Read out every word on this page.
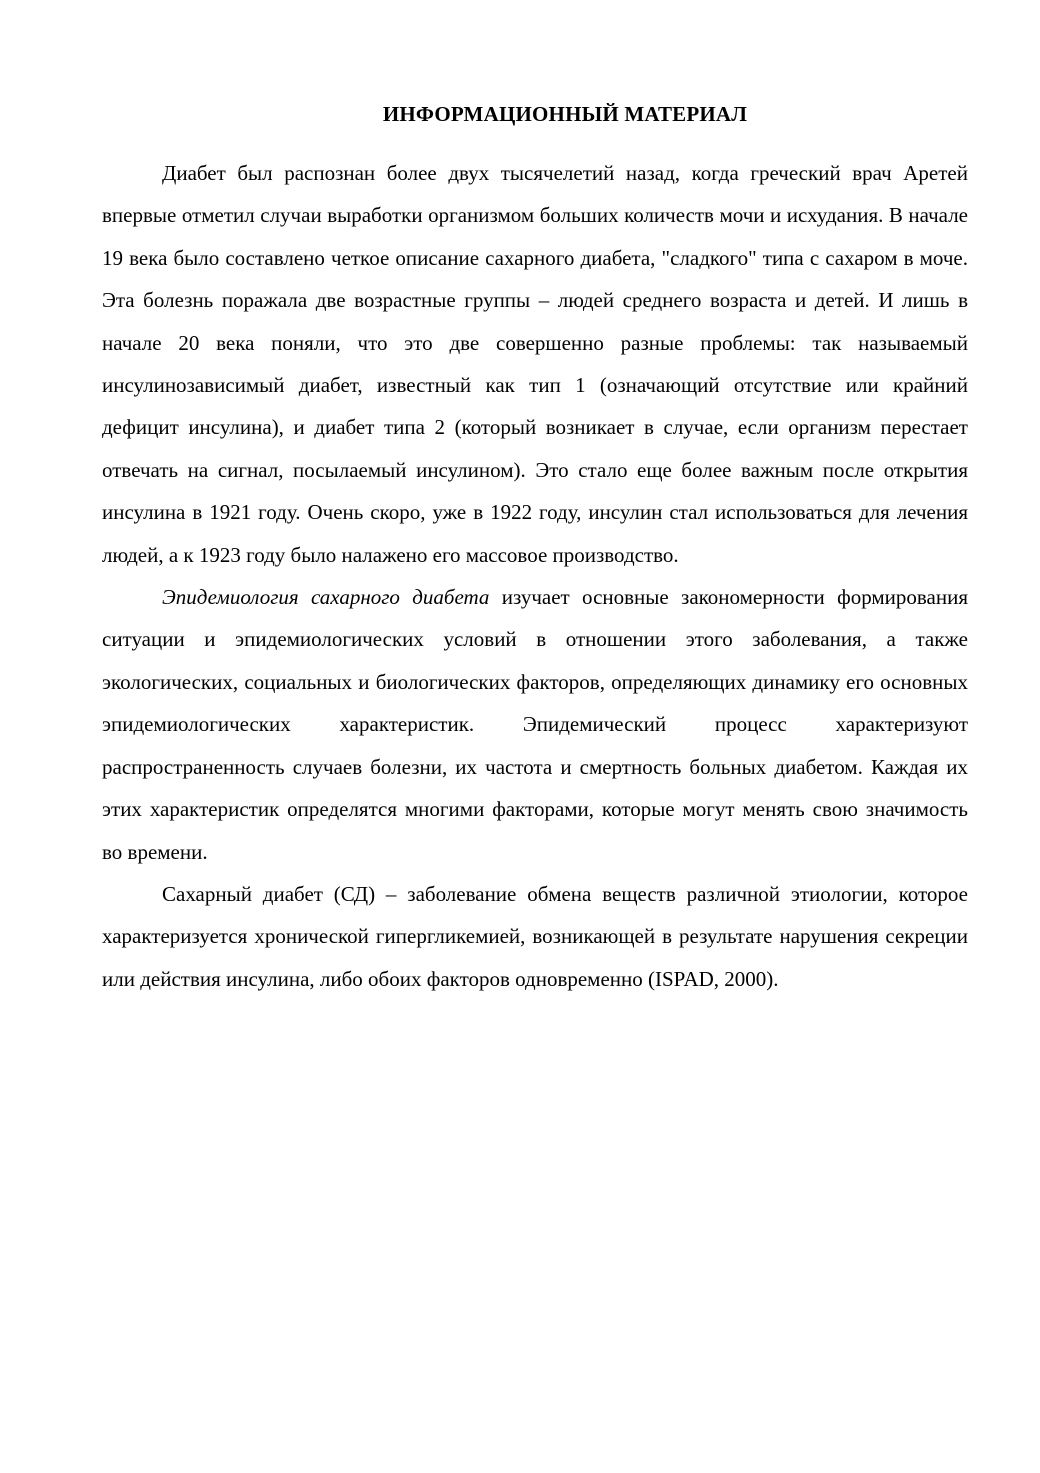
ИНФОРМАЦИОННЫЙ МАТЕРИАЛ

Диабет был распознан более двух тысячелетий назад, когда греческий врач Аретей впервые отметил случаи выработки организмом больших количеств мочи и исхудания. В начале 19 века было составлено четкое описание сахарного диабета, "сладкого" типа с сахаром в моче. Эта болезнь поражала две возрастные группы – людей среднего возраста и детей. И лишь в начале 20 века поняли, что это две совершенно разные проблемы: так называемый инсулинозависимый диабет, известный как тип 1 (означающий отсутствие или крайний дефицит инсулина), и диабет типа 2 (который возникает в случае, если организм перестает отвечать на сигнал, посылаемый инсулином). Это стало еще более важным после открытия инсулина в 1921 году. Очень скоро, уже в 1922 году, инсулин стал использоваться для лечения людей, а к 1923 году было налажено его массовое производство.

Эпидемиология сахарного диабета изучает основные закономерности формирования ситуации и эпидемиологических условий в отношении этого заболевания, а также экологических, социальных и биологических факторов, определяющих динамику его основных эпидемиологических характеристик. Эпидемический процесс характеризуют распространенность случаев болезни, их частота и смертность больных диабетом. Каждая их этих характеристик определятся многими факторами, которые могут менять свою значимость во времени.

Сахарный диабет (СД) – заболевание обмена веществ различной этиологии, которое характеризуется хронической гипергликемией, возникающей в результате нарушения секреции или действия инсулина, либо обоих факторов одновременно (ISPAD, 2000).
